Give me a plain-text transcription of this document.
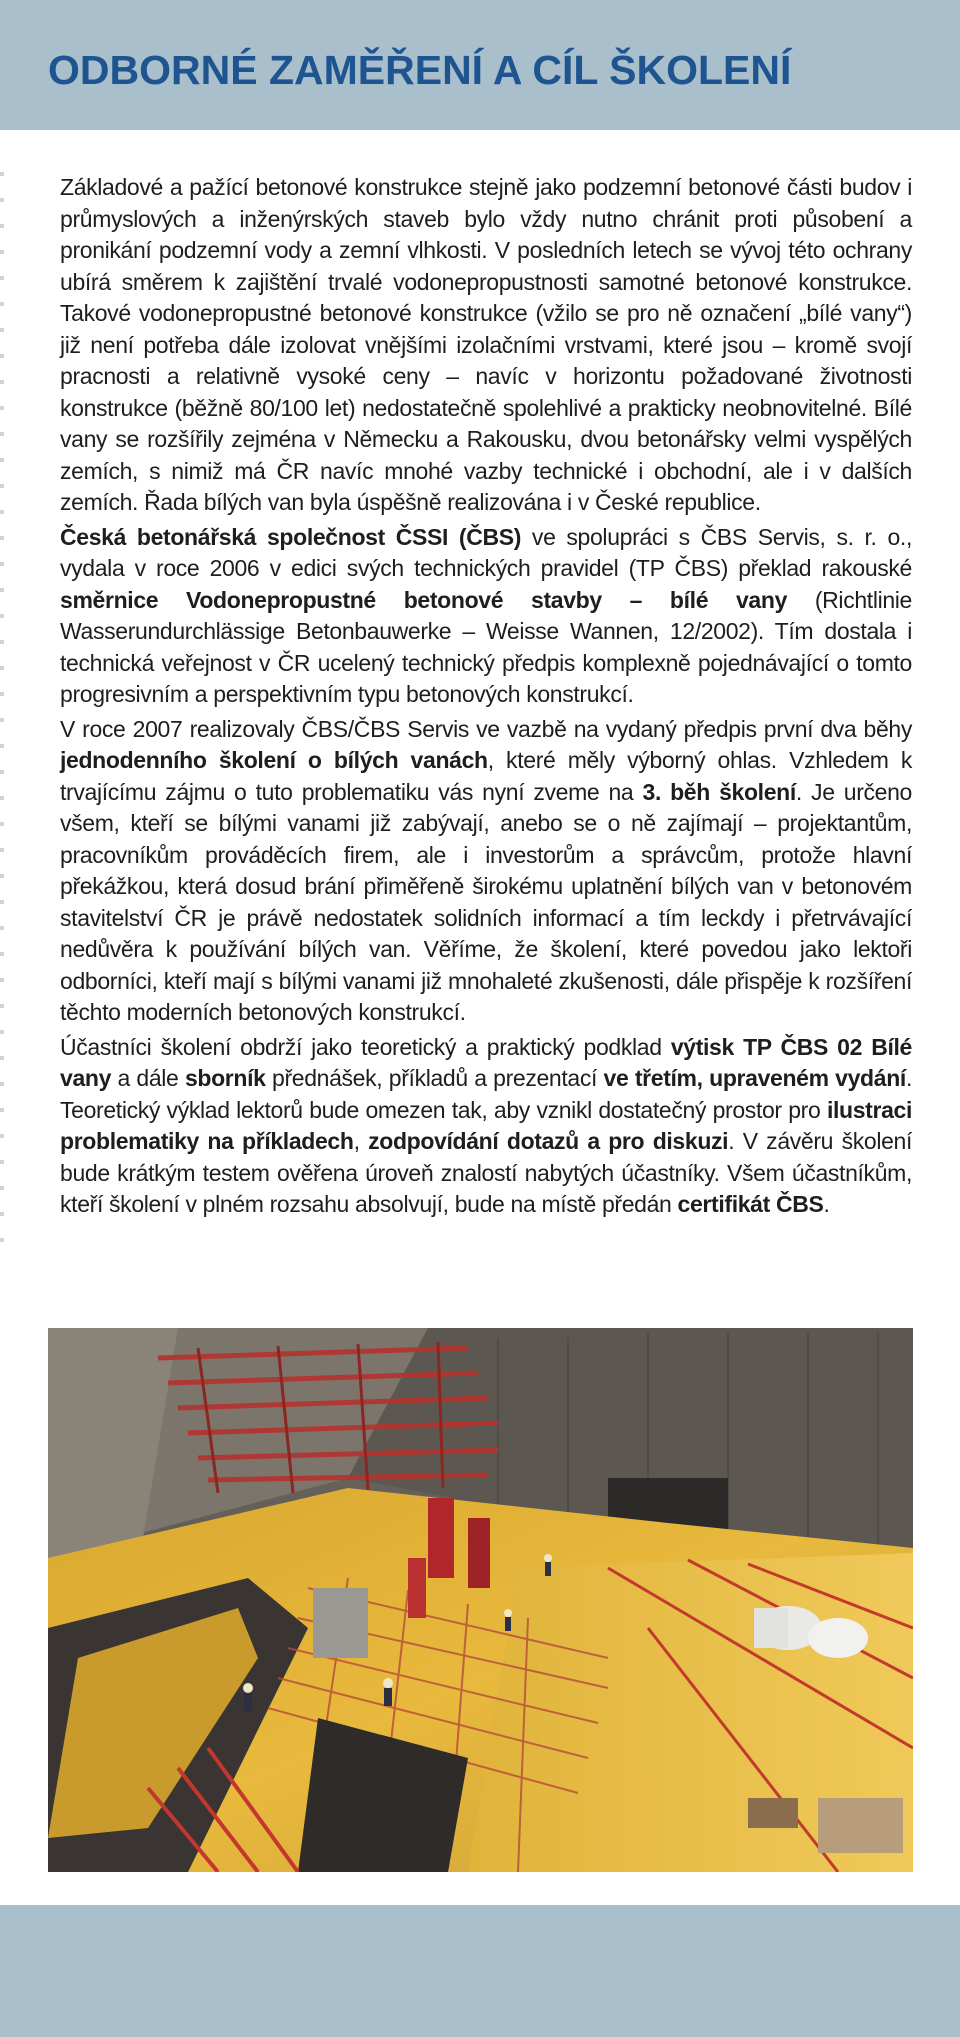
ODBORNÉ ZAMĚŘENÍ A CÍL ŠKOLENÍ

Základové a pažící betonové konstrukce stejně jako podzemní betonové části budov i průmyslových a inženýrských staveb bylo vždy nutno chránit proti působení a pronikání podzemní vody a zemní vlhkosti. V posledních letech se vývoj této ochrany ubírá směrem k zajištění trvalé vodonepropustnosti samotné betonové konstrukce. Takové vodonepropustné betonové konstrukce (vžilo se pro ně označení „bílé vany“) již není potřeba dále izolovat vnějšími izolačními vrstvami, které jsou – kromě svojí pracnosti a relativně vysoké ceny – navíc v horizontu požadované životnosti konstrukce (běžně 80/100 let) nedostatečně spolehlivé a prakticky neobnovitelné. Bílé vany se rozšířily zejména v Německu a Rakousku, dvou betonářsky velmi vyspělých zemích, s nimiž má ČR navíc mnohé vazby technické i obchodní, ale i v dalších zemích. Řada bílých van byla úspěšně realizována i v České republice.

Česká betonářská společnost ČSSI (ČBS) ve spolupráci s ČBS Servis, s. r. o., vydala v roce 2006 v edici svých technických pravidel (TP ČBS) překlad rakouské směrnice Vodonepropustné betonové stavby – bílé vany (Richtlinie Wasserundurchlässige Betonbauwerke – Weisse Wannen, 12/2002). Tím dostala i technická veřejnost v ČR ucelený technický předpis komplexně pojednávající o tomto progresivním a perspektivním typu betonových konstrukcí.

V roce 2007 realizovaly ČBS/ČBS Servis ve vazbě na vydaný předpis první dva běhy jednodenního školení o bílých vanách, které měly výborný ohlas. Vzhledem k trvajícímu zájmu o tuto problematiku vás nyní zveme na 3. běh školení. Je určeno všem, kteří se bílými vanami již zabývají, anebo se o ně zajímají – projektantům, pracovníkům prováděcích firem, ale i investorům a správcům, protože hlavní překážkou, která dosud brání přiměřeně širokému uplatnění bílých van v betonovém stavitelství ČR je právě nedostatek solidních informací a tím leckdy i přetrvávající nedůvěra k používání bílých van. Věříme, že školení, které povedou jako lektoři odborníci, kteří mají s bílými vanami již mnohaleté zkušenosti, dále přispěje k rozšíření těchto moderních betonových konstrukcí.

Účastníci školení obdrží jako teoretický a praktický podklad výtisk TP ČBS 02 Bílé vany a dále sborník přednášek, příkladů a prezentací ve třetím, upraveném vydání. Teoretický výklad lektorů bude omezen tak, aby vznikl dostatečný prostor pro ilustraci problematiky na příkladech, zodpovídání dotazů a pro diskuzi. V závěru školení bude krátkým testem ověřena úroveň znalostí nabytých účastníky. Všem účastníkům, kteří školení v plném rozsahu absolvují, bude na místě předán certifikát ČBS.
